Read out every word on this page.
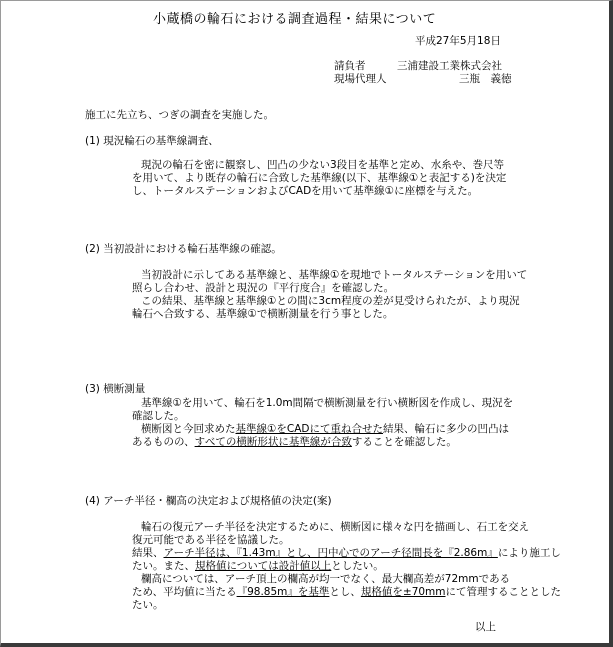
小蔵橋の輪石における調査過程・結果について
平成27年5月18日
請負者	三浦建設工業株式会社
現場代理人	三瓶　義徳
施工に先立ち、つぎの調査を実施した。
(1) 現況輪石の基準線調査、
現況の輪石を密に観察し、凹凸の少ない3段目を基準と定め、水糸や、巻尺等
を用いて、より既存の輪石に合致した基準線(以下、基準線①と表記する)を決定
し、トータルステーションおよびCADを用いて基準線①に座標を与えた。
(2) 当初設計における輪石基準線の確認。
当初設計に示してある基準線と、基準線①を現地でトータルステーションを用いて
照らし合わせ、設計と現況の『平行度合』を確認した。
この結果、基準線と基準線①との間に3cm程度の差が見受けられたが、より現況
輪石へ合致する、基準線①で横断測量を行う事とした。
(3) 横断測量
基準線①を用いて、輪石を1.0m間隔で横断測量を行い横断図を作成し、現況を
確認した。
横断図と今回求めた基準線①をCADにて重ね合せた結果、輪石に多少の凹凸は
あるものの、すべての横断形状に基準線が合致することを確認した。
(4) アーチ半径・欄高の決定および規格値の決定(案)
輪石の復元アーチ半径を決定するために、横断図に様々な円を描画し、石工を交え
復元可能である半径を協議した。
結果、アーチ半径は、『1.43m』とし、円中心でのアーチ径間長を『2.86m』により施工し
たい。また、規格値については設計値以上としたい。
欄高については、アーチ頂上の欄高が均一でなく、最大欄高差が72mmである
ため、平均値に当たる『98.85m』を基準とし、規格値を±70mmにて管理することとした
たい。
以上
